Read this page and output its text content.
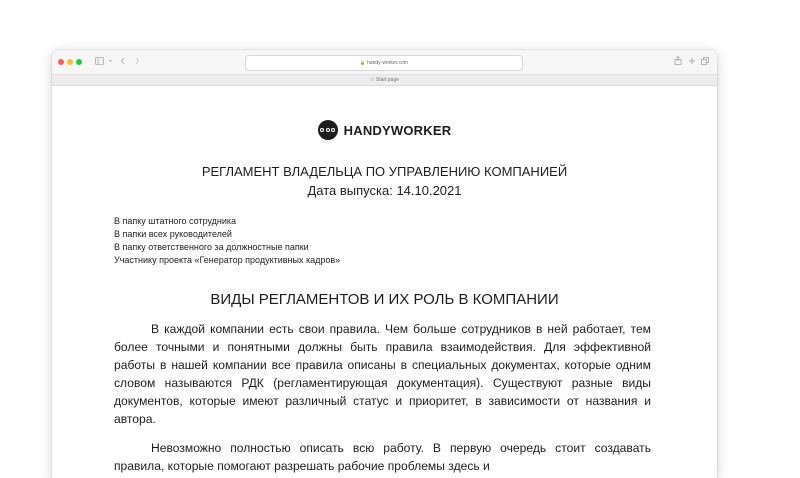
🔒 handy-worker.com
☆ Start page
HANDYWORKER
РЕГЛАМЕНТ ВЛАДЕЛЬЦА ПО УПРАВЛЕНИЮ КОМПАНИЕЙ
Дата выпуска: 14.10.2021
В папку штатного сотрудника
В папки всех руководителей
В папку ответственного за должностные папки
Участнику проекта «Генератор продуктивных кадров»
ВИДЫ РЕГЛАМЕНТОВ И ИХ РОЛЬ В КОМПАНИИ

В каждой компании есть свои правила. Чем больше сотрудников в ней работает, тем более точными и понятными должны быть правила взаимодействия. Для эффективной работы в нашей компании все правила описаны в специальных документах, которые одним словом называются РДК (регламентирующая документация). Существуют разные виды документов, которые имеют различный статус и приоритет, в зависимости от названия и автора.

Невозможно полностью описать всю работу. В первую очередь стоит создавать правила, которые помогают разрешать рабочие проблемы здесь и
